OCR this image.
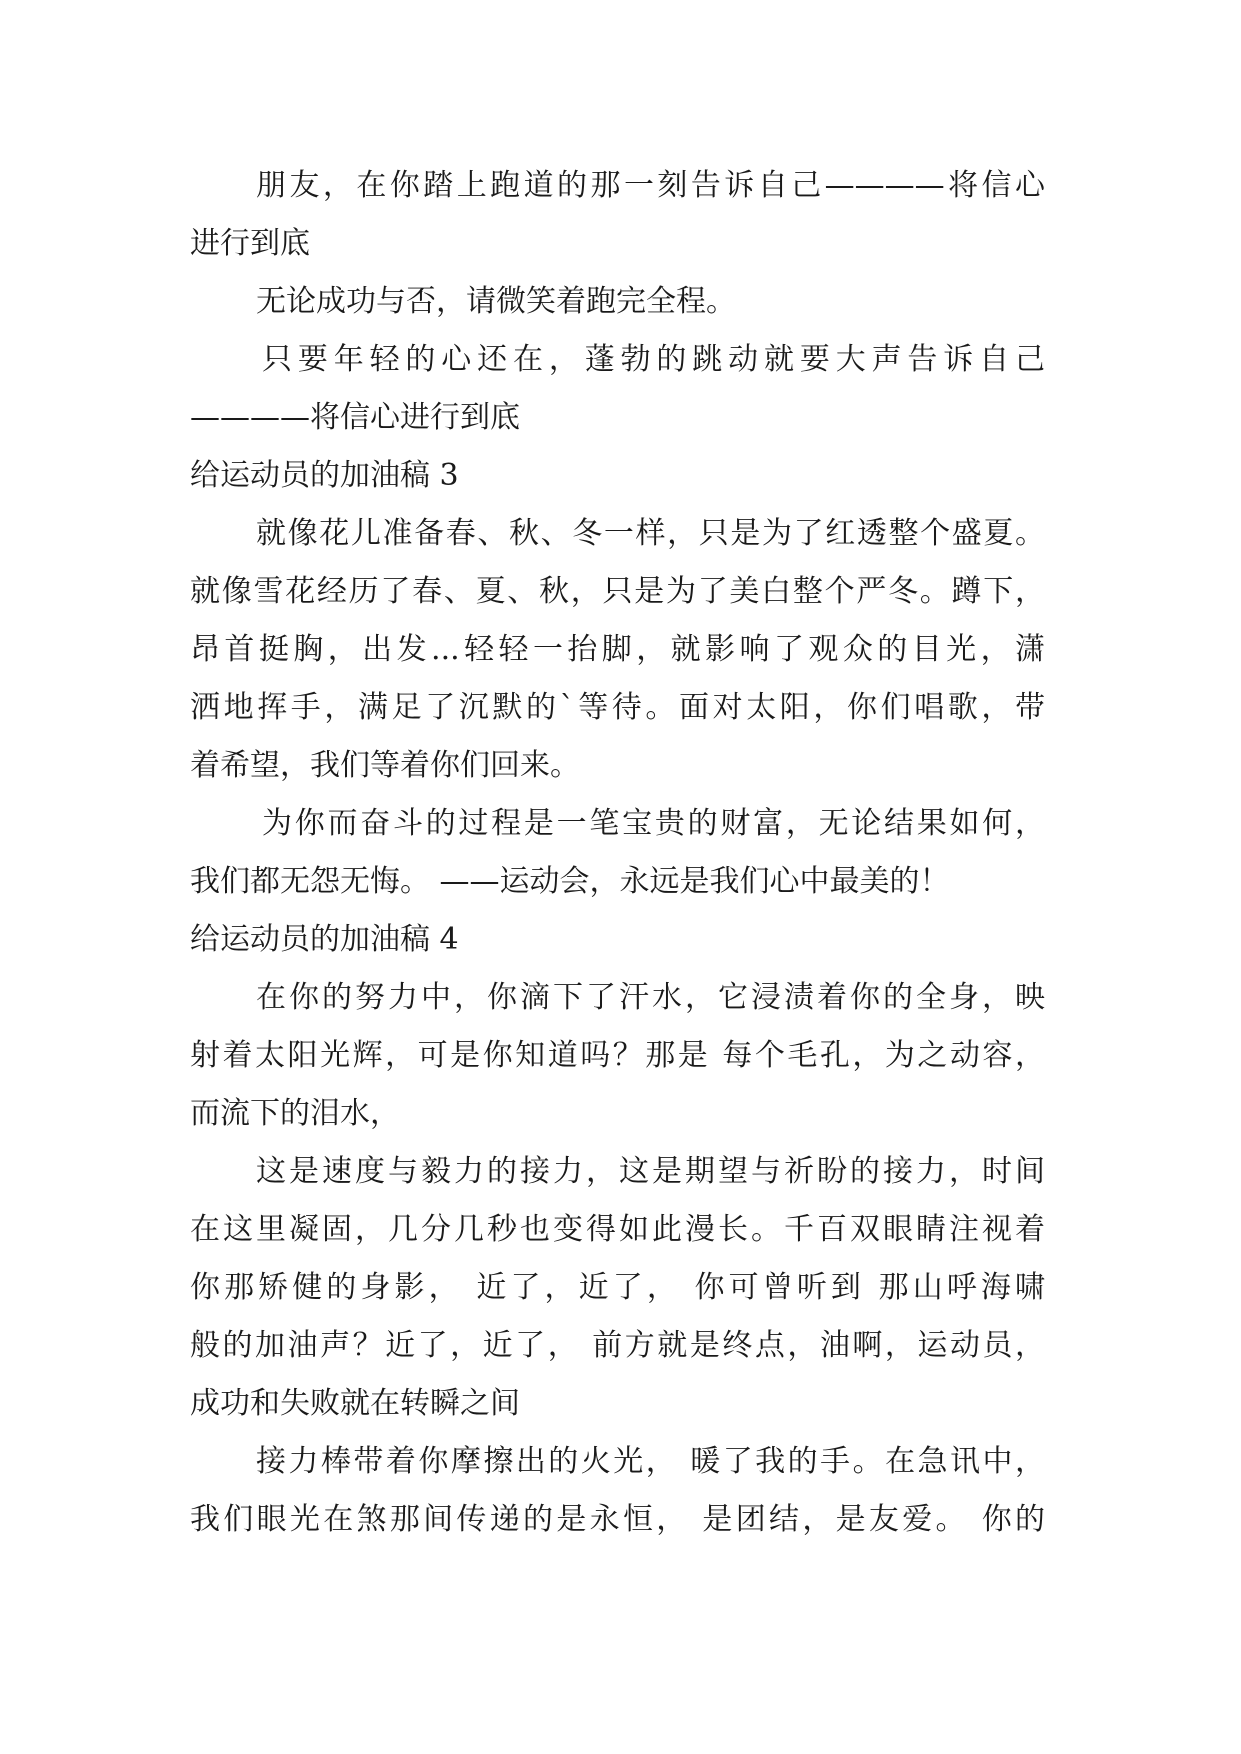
朋友，在你踏上跑道的那一刻告诉自己————将信心
进行到底
无论成功与否，请微笑着跑完全程。
只要年轻的心还在，蓬勃的跳动就要大声告诉自己
————将信心进行到底
给运动员的加油稿 3
就像花儿准备春、秋、冬一样，只是为了红透整个盛夏。
就像雪花经历了春、夏、秋，只是为了美白整个严冬。蹲下，
昂首挺胸，出发...轻轻一抬脚，就影响了观众的目光，潇
洒地挥手，满足了沉默的`等待。面对太阳，你们唱歌，带
着希望，我们等着你们回来。
为你而奋斗的过程是一笔宝贵的财富，无论结果如何，
我们都无怨无悔。 ——运动会，永远是我们心中最美的！
给运动员的加油稿 4
在你的努力中，你滴下了汗水，它浸渍着你的全身，映
射着太阳光辉，可是你知道吗？那是 每个毛孔，为之动容，
而流下的泪水，
这是速度与毅力的接力，这是期望与祈盼的接力，时间
在这里凝固，几分几秒也变得如此漫长。千百双眼睛注视着
你那矫健的身影， 近了，近了， 你可曾听到 那山呼海啸
般的加油声？近了，近了， 前方就是终点，油啊，运动员，
成功和失败就在转瞬之间
接力棒带着你摩擦出的火光， 暖了我的手。在急讯中，
我们眼光在煞那间传递的是永恒， 是团结，是友爱。 你的
